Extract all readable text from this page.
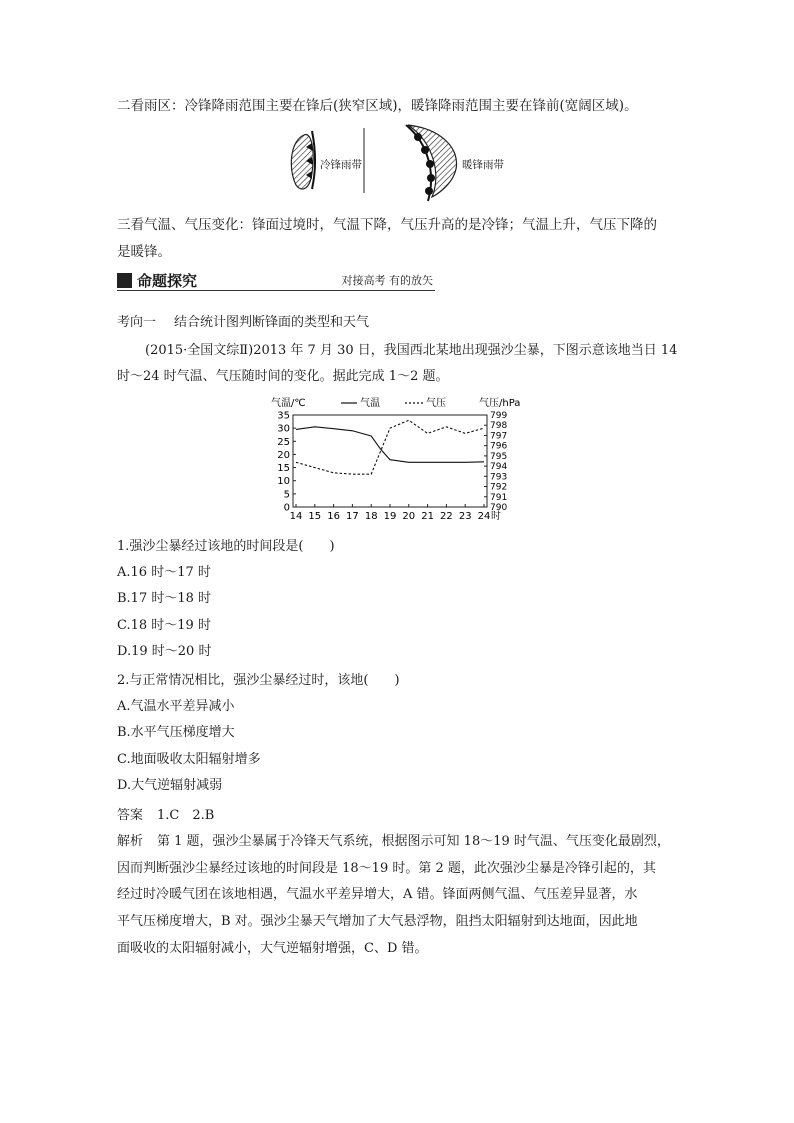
二看雨区：冷锋降雨范围主要在锋后(狭窄区域)，暖锋降雨范围主要在锋前(宽阔区域)。
冷锋雨带	暖锋雨带
三看气温、气压变化：锋面过境时，气温下降，气压升高的是冷锋；气温上升，气压下降的
是暖锋。
命题探究	对接高考 有的放矢
考向一 结合统计图判断锋面的类型和天气
(2015·全国文综Ⅱ)2013 年 7 月 30 日，我国西北某地出现强沙尘暴，下图示意该地当日 14
时～24 时气温、气压随时间的变化。据此完成 1～2 题。
气温/℃	气压/hPa
气温	气压
0
5
10
15
20
25
30
35
790
791
792
793
794
795
796
797
798
799
14 15 16 17 18 19 20 21 22 23 24 时
1.强沙尘暴经过该地的时间段是(　　)
A.16 时～17 时
B.17 时～18 时
C.18 时～19 时
D.19 时～20 时
2.与正常情况相比，强沙尘暴经过时，该地(　　)
A.气温水平差异减小
B.水平气压梯度增大
C.地面吸收太阳辐射增多
D.大气逆辐射减弱
答案 1.C　2.B
解析 第 1 题，强沙尘暴属于冷锋天气系统，根据图示可知 18～19 时气温、气压变化最剧烈，
因而判断强沙尘暴经过该地的时间段是 18～19 时。第 2 题，此次强沙尘暴是冷锋引起的，其
经过时冷暖气团在该地相遇，气温水平差异增大，A 错。锋面两侧气温、气压差异显著，水
平气压梯度增大，B 对。强沙尘暴天气增加了大气悬浮物，阻挡太阳辐射到达地面，因此地
面吸收的太阳辐射减小，大气逆辐射增强，C、D 错。
